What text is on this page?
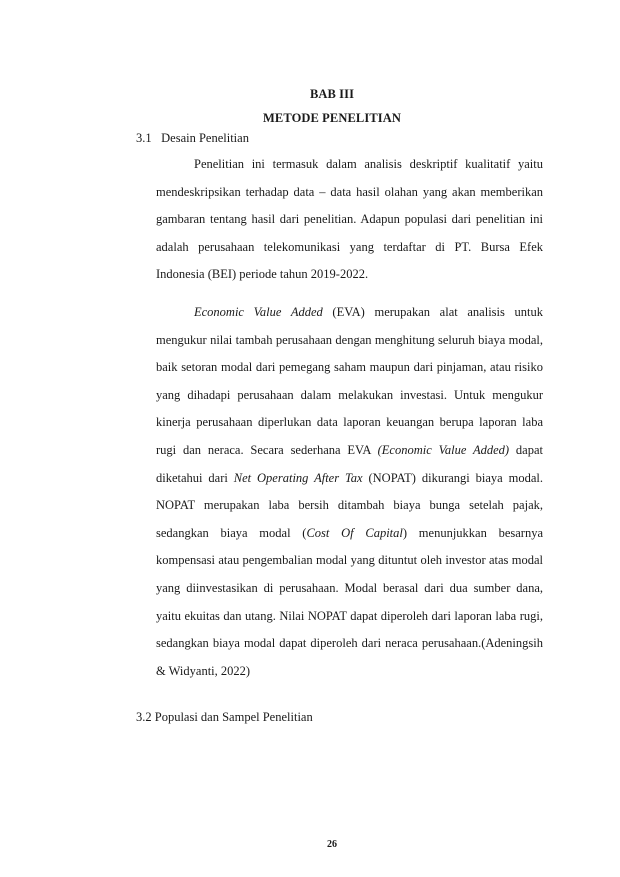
BAB III
METODE PENELITIAN
3.1 Desain Penelitian

Penelitian ini termasuk dalam analisis deskriptif kualitatif yaitu mendeskripsikan terhadap data – data hasil olahan yang akan memberikan gambaran tentang hasil dari penelitian. Adapun populasi dari penelitian ini adalah perusahaan telekomunikasi yang terdaftar di PT. Bursa Efek Indonesia (BEI) periode tahun 2019-2022.

Economic Value Added (EVA) merupakan alat analisis untuk mengukur nilai tambah perusahaan dengan menghitung seluruh biaya modal, baik setoran modal dari pemegang saham maupun dari pinjaman, atau risiko yang dihadapi perusahaan dalam melakukan investasi. Untuk mengukur kinerja perusahaan diperlukan data laporan keuangan berupa laporan laba rugi dan neraca. Secara sederhana EVA (Economic Value Added) dapat diketahui dari Net Operating After Tax (NOPAT) dikurangi biaya modal. NOPAT merupakan laba bersih ditambah biaya bunga setelah pajak, sedangkan biaya modal (Cost Of Capital) menunjukkan besarnya kompensasi atau pengembalian modal yang dituntut oleh investor atas modal yang diinvestasikan di perusahaan. Modal berasal dari dua sumber dana, yaitu ekuitas dan utang. Nilai NOPAT dapat diperoleh dari laporan laba rugi, sedangkan biaya modal dapat diperoleh dari neraca perusahaan.(Adeningsih & Widyanti, 2022)

3.2 Populasi dan Sampel Penelitian
26
